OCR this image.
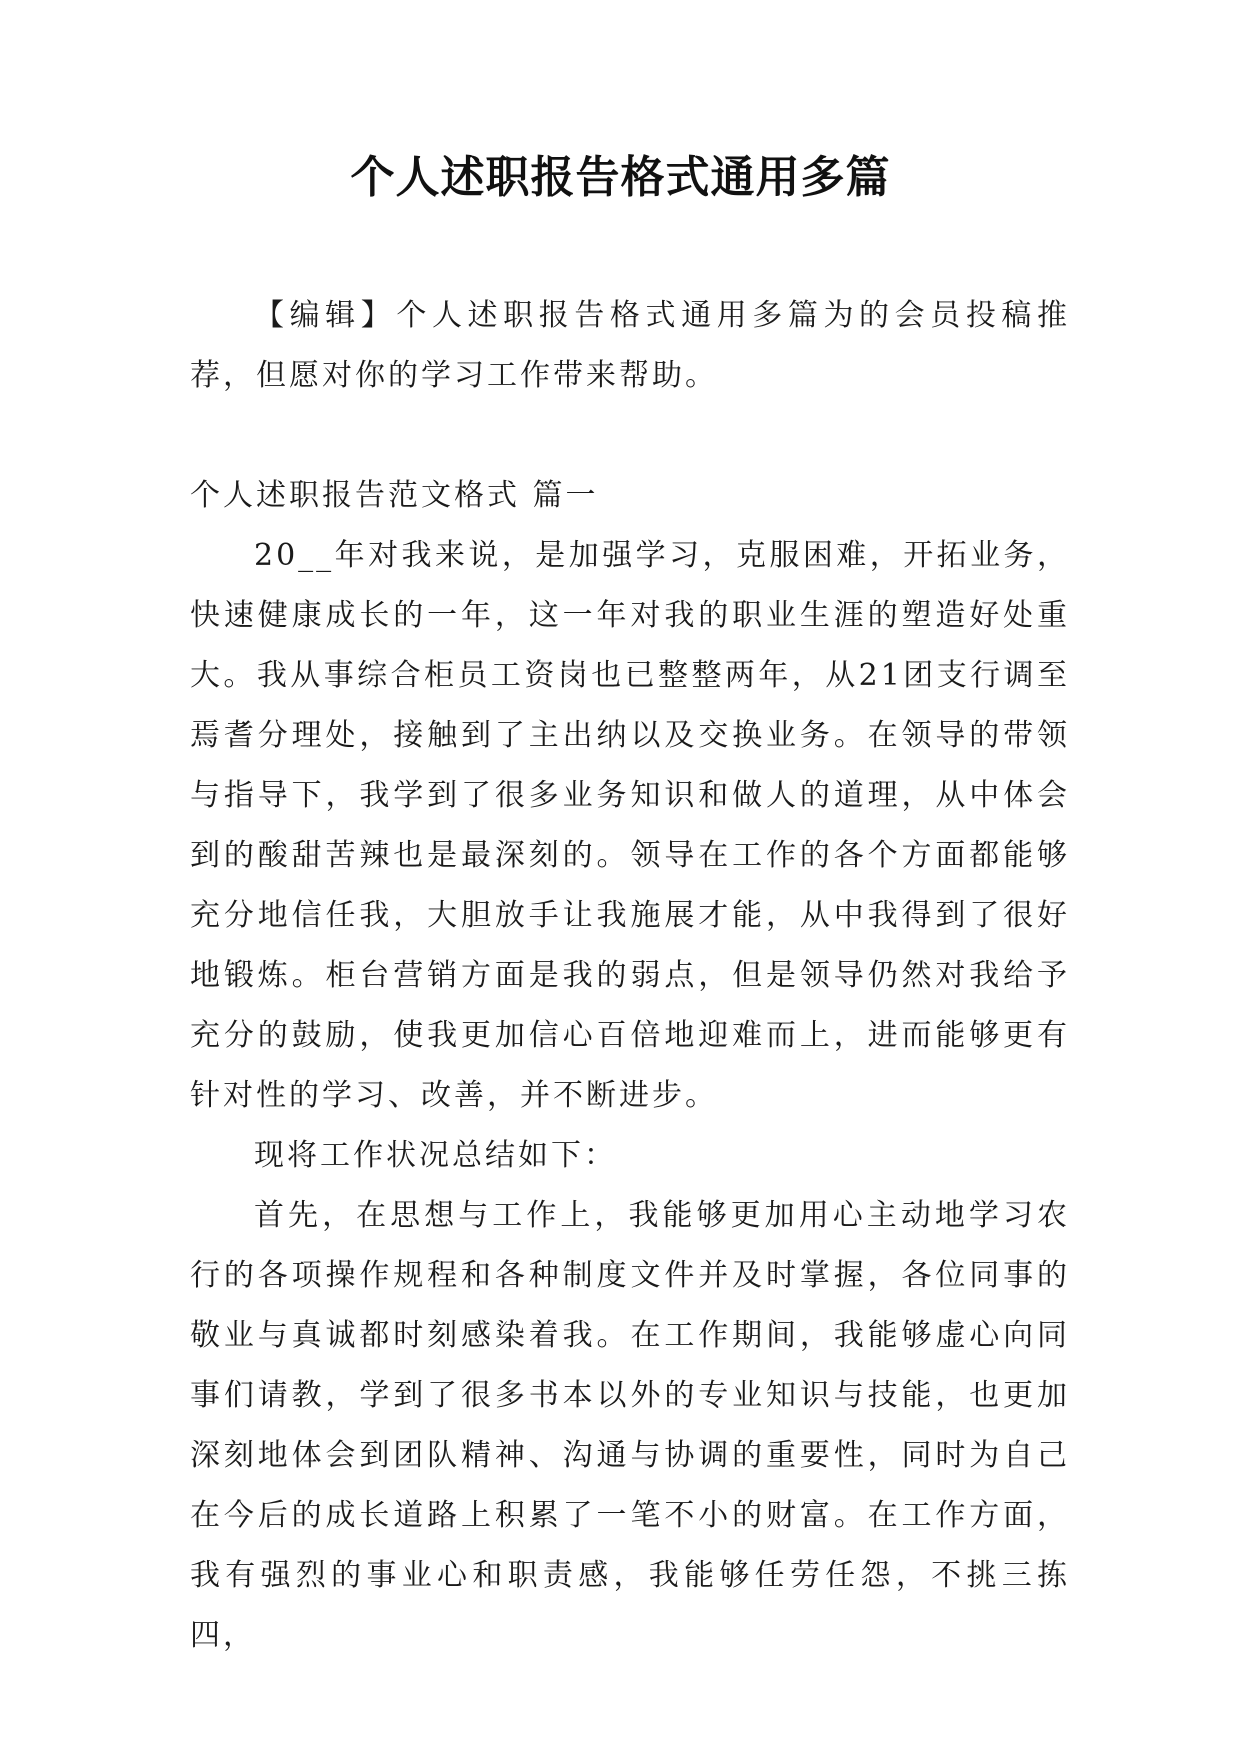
个人述职报告格式通用多篇

【编辑】个人述职报告格式通用多篇为的会员投稿推荐，但愿对你的学习工作带来帮助。

个人述职报告范文格式 篇一

20__年对我来说，是加强学习，克服困难，开拓业务，快速健康成长的一年，这一年对我的职业生涯的塑造好处重大。我从事综合柜员工资岗也已整整两年，从21团支行调至焉耆分理处，接触到了主出纳以及交换业务。在领导的带领与指导下，我学到了很多业务知识和做人的道理，从中体会到的酸甜苦辣也是最深刻的。领导在工作的各个方面都能够充分地信任我，大胆放手让我施展才能，从中我得到了很好地锻炼。柜台营销方面是我的弱点，但是领导仍然对我给予充分的鼓励，使我更加信心百倍地迎难而上，进而能够更有针对性的学习、改善，并不断进步。

现将工作状况总结如下：

首先，在思想与工作上，我能够更加用心主动地学习农行的各项操作规程和各种制度文件并及时掌握，各位同事的敬业与真诚都时刻感染着我。在工作期间，我能够虚心向同事们请教，学到了很多书本以外的专业知识与技能，也更加深刻地体会到团队精神、沟通与协调的重要性，同时为自己在今后的成长道路上积累了一笔不小的财富。在工作方面，我有强烈的事业心和职责感，我能够任劳任怨，不挑三拣四，
